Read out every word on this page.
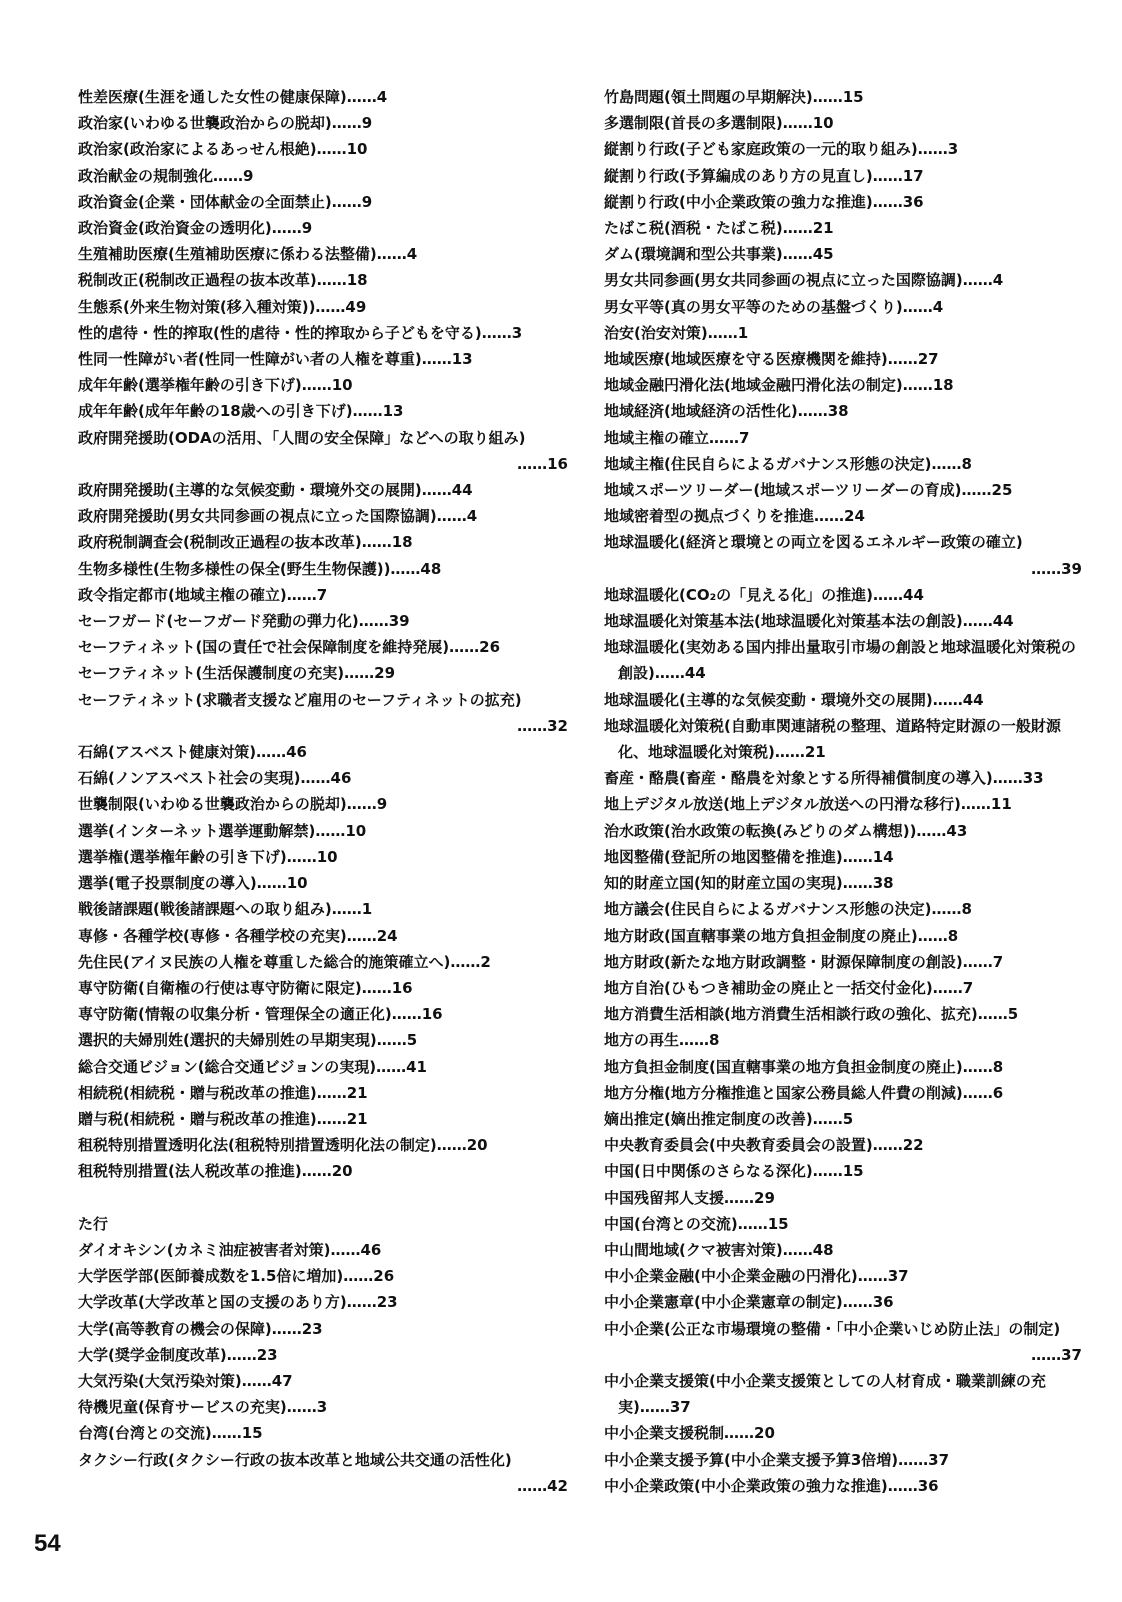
性差医療(生涯を通した女性の健康保障)……4
政治家(いわゆる世襲政治からの脱却)……9
政治家(政治家によるあっせん根絶)……10
政治献金の規制強化……9
政治資金(企業・団体献金の全面禁止)……9
政治資金(政治資金の透明化)……9
生殖補助医療(生殖補助医療に係わる法整備)……4
税制改正(税制改正過程の抜本改革)……18
生態系(外来生物対策(移入種対策))……49
性的虐待・性的搾取(性的虐待・性的搾取から子どもを守る)……3
性同一性障がい者(性同一性障がい者の人権を尊重)……13
成年年齢(選挙権年齢の引き下げ)……10
成年年齢(成年年齢の18歳への引き下げ)……13
政府開発援助(ODAの活用、「人間の安全保障」などへの取り組み)
……16
政府開発援助(主導的な気候変動・環境外交の展開)……44
政府開発援助(男女共同参画の視点に立った国際協調)……4
政府税制調査会(税制改正過程の抜本改革)……18
生物多様性(生物多様性の保全(野生生物保護))……48
政令指定都市(地域主権の確立)……7
セーフガード(セーフガード発動の弾力化)……39
セーフティネット(国の責任で社会保障制度を維持発展)……26
セーフティネット(生活保護制度の充実)……29
セーフティネット(求職者支援など雇用のセーフティネットの拡充)
……32
石綿(アスベスト健康対策)……46
石綿(ノンアスベスト社会の実現)……46
世襲制限(いわゆる世襲政治からの脱却)……9
選挙(インターネット選挙運動解禁)……10
選挙権(選挙権年齢の引き下げ)……10
選挙(電子投票制度の導入)……10
戦後諸課題(戦後諸課題への取り組み)……1
専修・各種学校(専修・各種学校の充実)……24
先住民(アイヌ民族の人権を尊重した総合的施策確立へ)……2
専守防衛(自衛権の行使は専守防衛に限定)……16
専守防衛(情報の収集分析・管理保全の適正化)……16
選択的夫婦別姓(選択的夫婦別姓の早期実現)……5
総合交通ビジョン(総合交通ビジョンの実現)……41
相続税(相続税・贈与税改革の推進)……21
贈与税(相続税・贈与税改革の推進)……21
租税特別措置透明化法(租税特別措置透明化法の制定)……20
租税特別措置(法人税改革の推進)……20
た行
ダイオキシン(カネミ油症被害者対策)……46
大学医学部(医師養成数を1.5倍に増加)……26
大学改革(大学改革と国の支援のあり方)……23
大学(高等教育の機会の保障)……23
大学(奨学金制度改革)……23
大気汚染(大気汚染対策)……47
待機児童(保育サービスの充実)……3
台湾(台湾との交流)……15
タクシー行政(タクシー行政の抜本改革と地域公共交通の活性化)
……42
竹島問題(領土問題の早期解決)……15
多選制限(首長の多選制限)……10
縦割り行政(子ども家庭政策の一元的取り組み)……3
縦割り行政(予算編成のあり方の見直し)……17
縦割り行政(中小企業政策の強力な推進)……36
たばこ税(酒税・たばこ税)……21
ダム(環境調和型公共事業)……45
男女共同参画(男女共同参画の視点に立った国際協調)……4
男女平等(真の男女平等のための基盤づくり)……4
治安(治安対策)……1
地域医療(地域医療を守る医療機関を維持)……27
地域金融円滑化法(地域金融円滑化法の制定)……18
地域経済(地域経済の活性化)……38
地域主権の確立……7
地域主権(住民自らによるガバナンス形態の決定)……8
地域スポーツリーダー(地域スポーツリーダーの育成)……25
地域密着型の拠点づくりを推進……24
地球温暖化(経済と環境との両立を図るエネルギー政策の確立)
……39
地球温暖化(CO₂の「見える化」の推進)……44
地球温暖化対策基本法(地球温暖化対策基本法の創設)……44
地球温暖化(実効ある国内排出量取引市場の創設と地球温暖化対策税の創設)……44
地球温暖化(主導的な気候変動・環境外交の展開)……44
地球温暖化対策税(自動車関連諸税の整理、道路特定財源の一般財源化、地球温暖化対策税)……21
畜産・酪農(畜産・酪農を対象とする所得補償制度の導入)……33
地上デジタル放送(地上デジタル放送への円滑な移行)……11
治水政策(治水政策の転換(みどりのダム構想))……43
地図整備(登記所の地図整備を推進)……14
知的財産立国(知的財産立国の実現)……38
地方議会(住民自らによるガバナンス形態の決定)……8
地方財政(国直轄事業の地方負担金制度の廃止)……8
地方財政(新たな地方財政調整・財源保障制度の創設)……7
地方自治(ひもつき補助金の廃止と一括交付金化)……7
地方消費生活相談(地方消費生活相談行政の強化、拡充)……5
地方の再生……8
地方負担金制度(国直轄事業の地方負担金制度の廃止)……8
地方分権(地方分権推進と国家公務員総人件費の削減)……6
嫡出推定(嫡出推定制度の改善)……5
中央教育委員会(中央教育委員会の設置)……22
中国(日中関係のさらなる深化)……15
中国残留邦人支援……29
中国(台湾との交流)……15
中山間地域(クマ被害対策)……48
中小企業金融(中小企業金融の円滑化)……37
中小企業憲章(中小企業憲章の制定)……36
中小企業(公正な市場環境の整備・「中小企業いじめ防止法」の制定)
……37
中小企業支援策(中小企業支援策としての人材育成・職業訓練の充実)……37
中小企業支援税制……20
中小企業支援予算(中小企業支援予算3倍増)……37
中小企業政策(中小企業政策の強力な推進)……36
54
